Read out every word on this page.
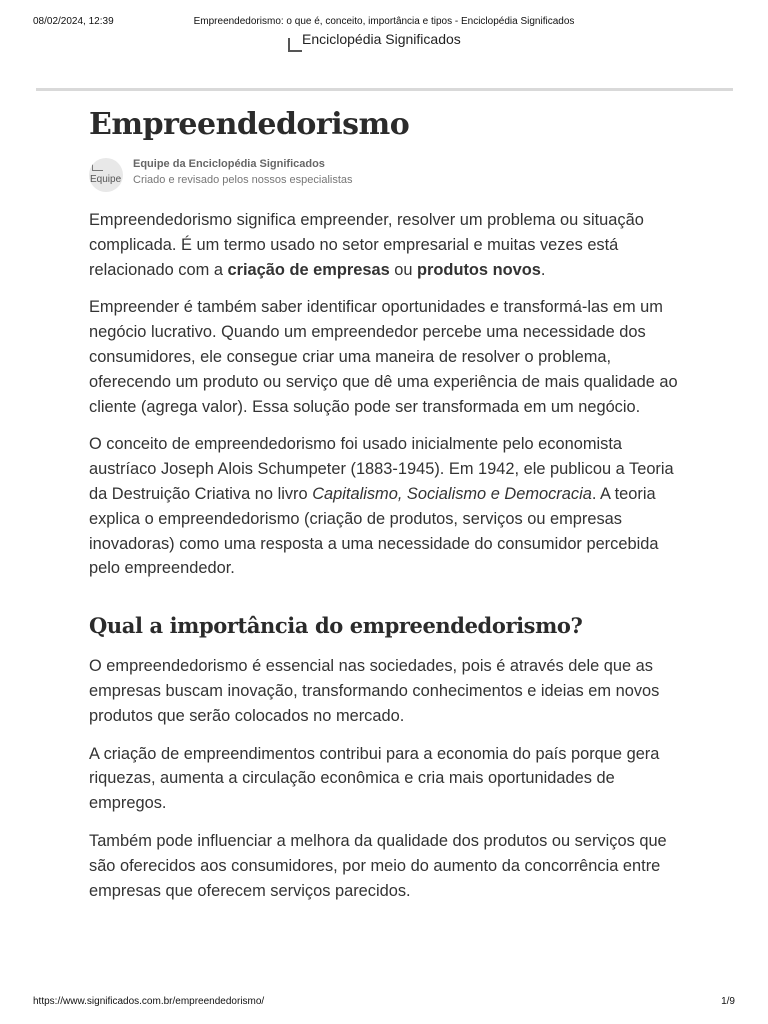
08/02/2024, 12:39	Empreendedorismo: o que é, conceito, importância e tipos - Enciclopédia Significados
Enciclopédia Significados
Empreendedorismo
Equipe
Equipe da Enciclopédia Significados
Criado e revisado pelos nossos especialistas

Empreendedorismo significa empreender, resolver um problema ou situação complicada. É um termo usado no setor empresarial e muitas vezes está relacionado com a criação de empresas ou produtos novos.

Empreender é também saber identificar oportunidades e transformá-las em um negócio lucrativo. Quando um empreendedor percebe uma necessidade dos consumidores, ele consegue criar uma maneira de resolver o problema, oferecendo um produto ou serviço que dê uma experiência de mais qualidade ao cliente (agrega valor). Essa solução pode ser transformada em um negócio.

O conceito de empreendedorismo foi usado inicialmente pelo economista austríaco Joseph Alois Schumpeter (1883-1945). Em 1942, ele publicou a Teoria da Destruição Criativa no livro Capitalismo, Socialismo e Democracia. A teoria explica o empreendedorismo (criação de produtos, serviços ou empresas inovadoras) como uma resposta a uma necessidade do consumidor percebida pelo empreendedor.

Qual a importância do empreendedorismo?

O empreendedorismo é essencial nas sociedades, pois é através dele que as empresas buscam inovação, transformando conhecimentos e ideias em novos produtos que serão colocados no mercado.

A criação de empreendimentos contribui para a economia do país porque gera riquezas, aumenta a circulação econômica e cria mais oportunidades de empregos.

Também pode influenciar a melhora da qualidade dos produtos ou serviços que são oferecidos aos consumidores, por meio do aumento da concorrência entre empresas que oferecem serviços parecidos.

https://www.significados.com.br/empreendedorismo/	1/9
